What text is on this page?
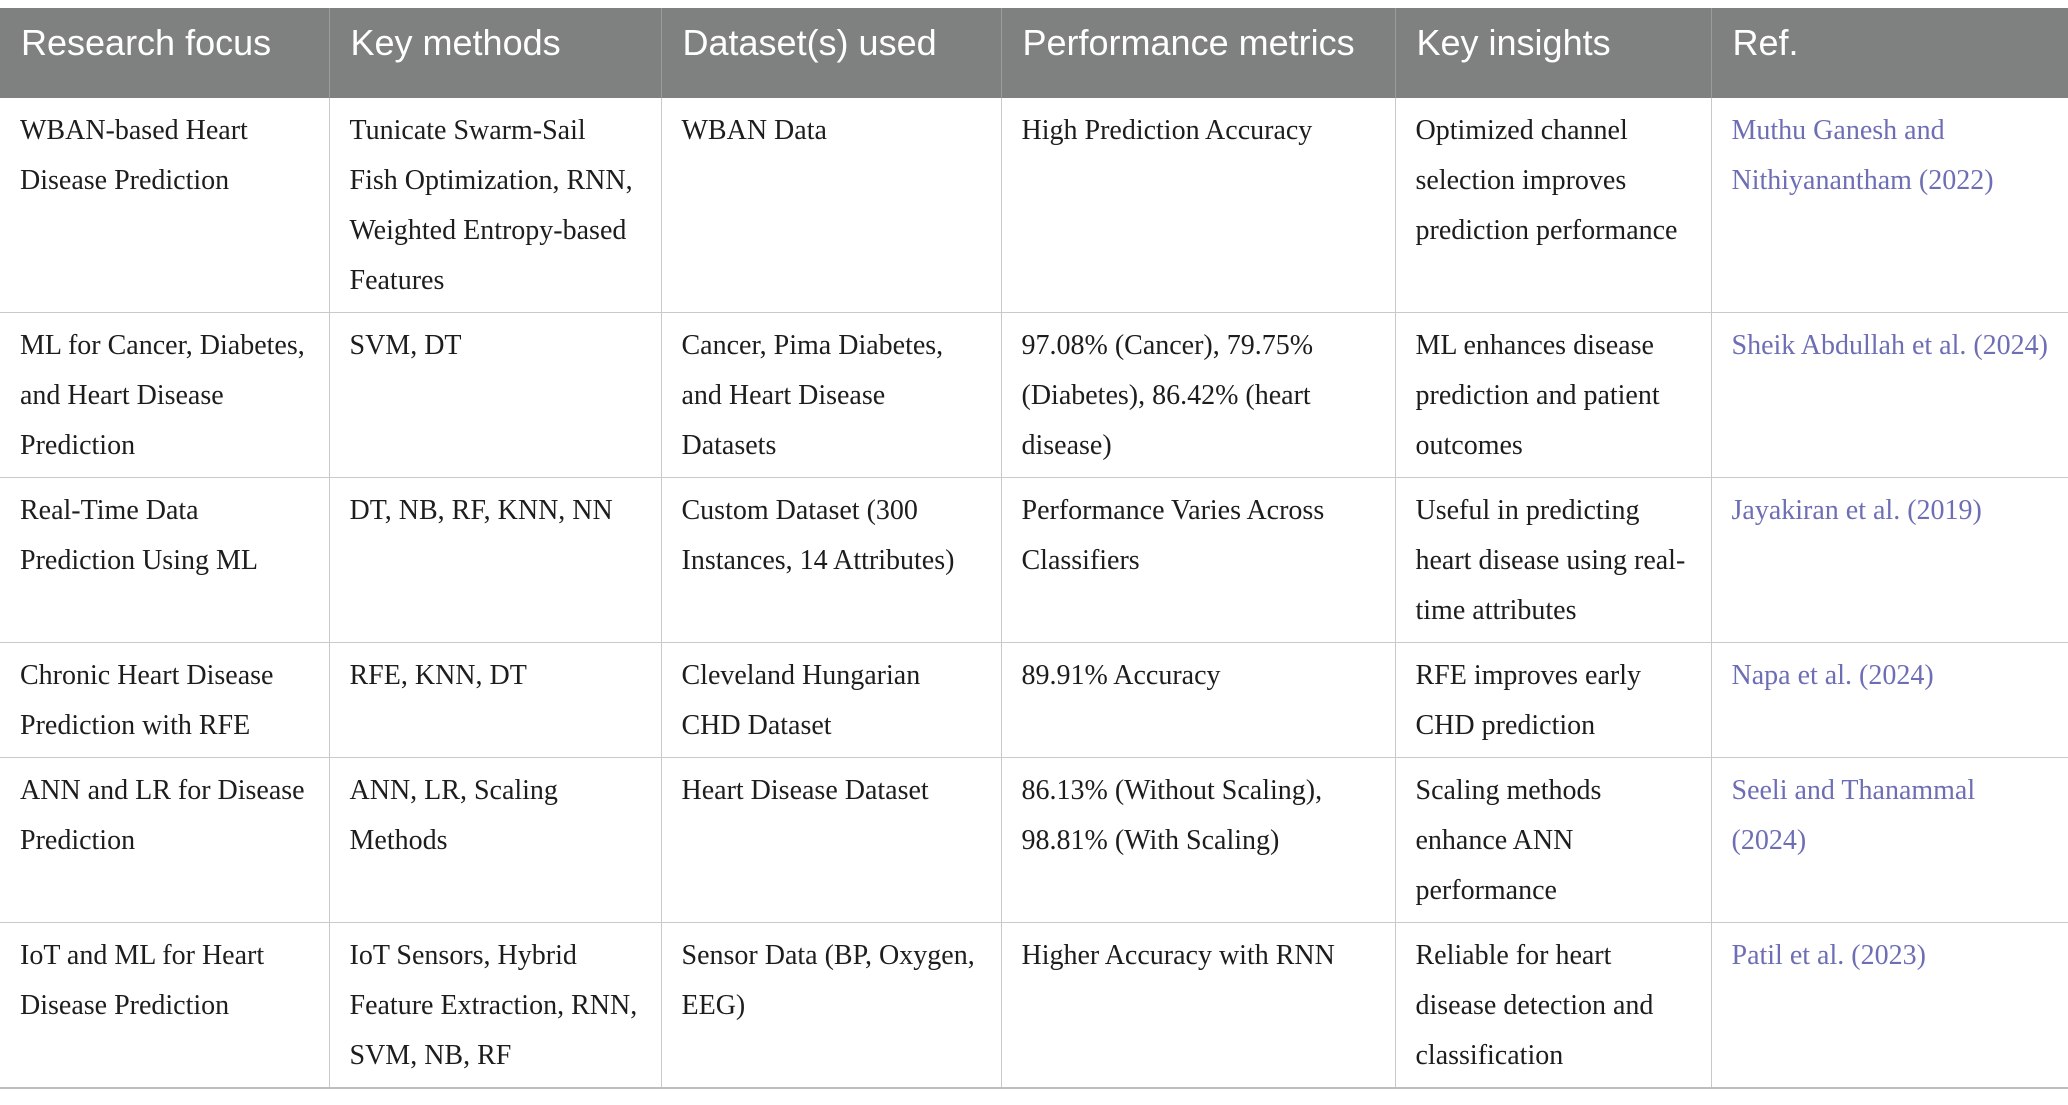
Research focus	Key methods	Dataset(s) used	Performance metrics	Key insights	Ref.
WBAN-based Heart Disease Prediction	Tunicate Swarm-Sail Fish Optimization, RNN, Weighted Entropy-based Features	WBAN Data	High Prediction Accuracy	Optimized channel selection improves prediction performance	Muthu Ganesh and Nithiyanantham (2022)
ML for Cancer, Diabetes, and Heart Disease Prediction	SVM, DT	Cancer, Pima Diabetes, and Heart Disease Datasets	97.08% (Cancer), 79.75% (Diabetes), 86.42% (heart disease)	ML enhances disease prediction and patient outcomes	Sheik Abdullah et al. (2024)
Real-Time Data Prediction Using ML	DT, NB, RF, KNN, NN	Custom Dataset (300 Instances, 14 Attributes)	Performance Varies Across Classifiers	Useful in predicting heart disease using real-time attributes	Jayakiran et al. (2019)
Chronic Heart Disease Prediction with RFE	RFE, KNN, DT	Cleveland Hungarian CHD Dataset	89.91% Accuracy	RFE improves early CHD prediction	Napa et al. (2024)
ANN and LR for Disease Prediction	ANN, LR, Scaling Methods	Heart Disease Dataset	86.13% (Without Scaling), 98.81% (With Scaling)	Scaling methods enhance ANN performance	Seeli and Thanammal (2024)
IoT and ML for Heart Disease Prediction	IoT Sensors, Hybrid Feature Extraction, RNN, SVM, NB, RF	Sensor Data (BP, Oxygen, EEG)	Higher Accuracy with RNN	Reliable for heart disease detection and classification	Patil et al. (2023)
